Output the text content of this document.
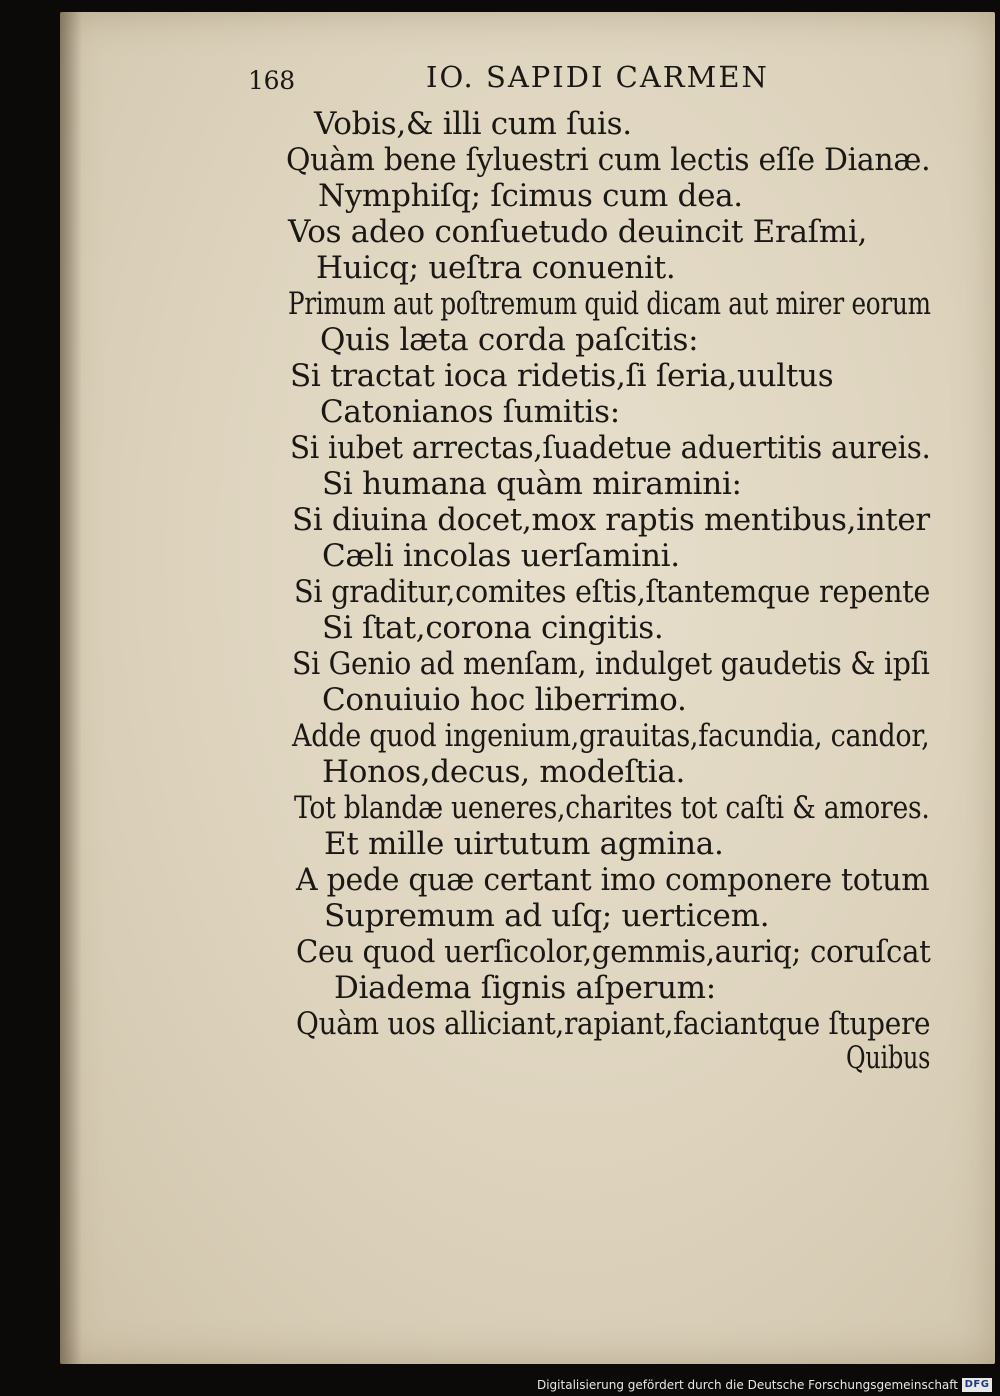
168	IO. SAPIDI CARMEN
Vobis,& illi cum ſuis.
Quàm bene ſyluestri cum lectis eſſe Dianæ.
Nymphiſq; ſcimus cum dea.
Vos adeo conſuetudo deuincit Eraſmi,
Huicq; ueſtra conuenit.
Primum aut poſtremum quid dicam aut mirer eorum
Quis læta corda paſcitis:
Si tractat ioca ridetis,ſi ſeria,uultus
Catonianos ſumitis:
Si iubet arrectas,ſuadetue aduertitis aureis.
Si humana quàm miramini:
Si diuina docet,mox raptis mentibus,inter
Cæli incolas uerſamini.
Si graditur,comites eſtis,ſtantemque repente
Si ſtat,corona cingitis.
Si Genio ad menſam, indulget gaudetis & ipſi
Conuiuio hoc liberrimo.
Adde quod ingenium,grauitas,facundia, candor,
Honos,decus, modeſtia.
Tot blandæ ueneres,charites tot caſti & amores.
Et mille uirtutum agmina.
A pede quæ certant imo componere totum
Supremum ad uſq; uerticem.
Ceu quod uerſicolor,gemmis,auriq; coruſcat
Diadema ſignis aſperum:
Quàm uos alliciant,rapiant,faciantque ſtupere
Quibus
Digitalisierung gefördert durch die Deutsche Forschungsgemeinschaft DFG
